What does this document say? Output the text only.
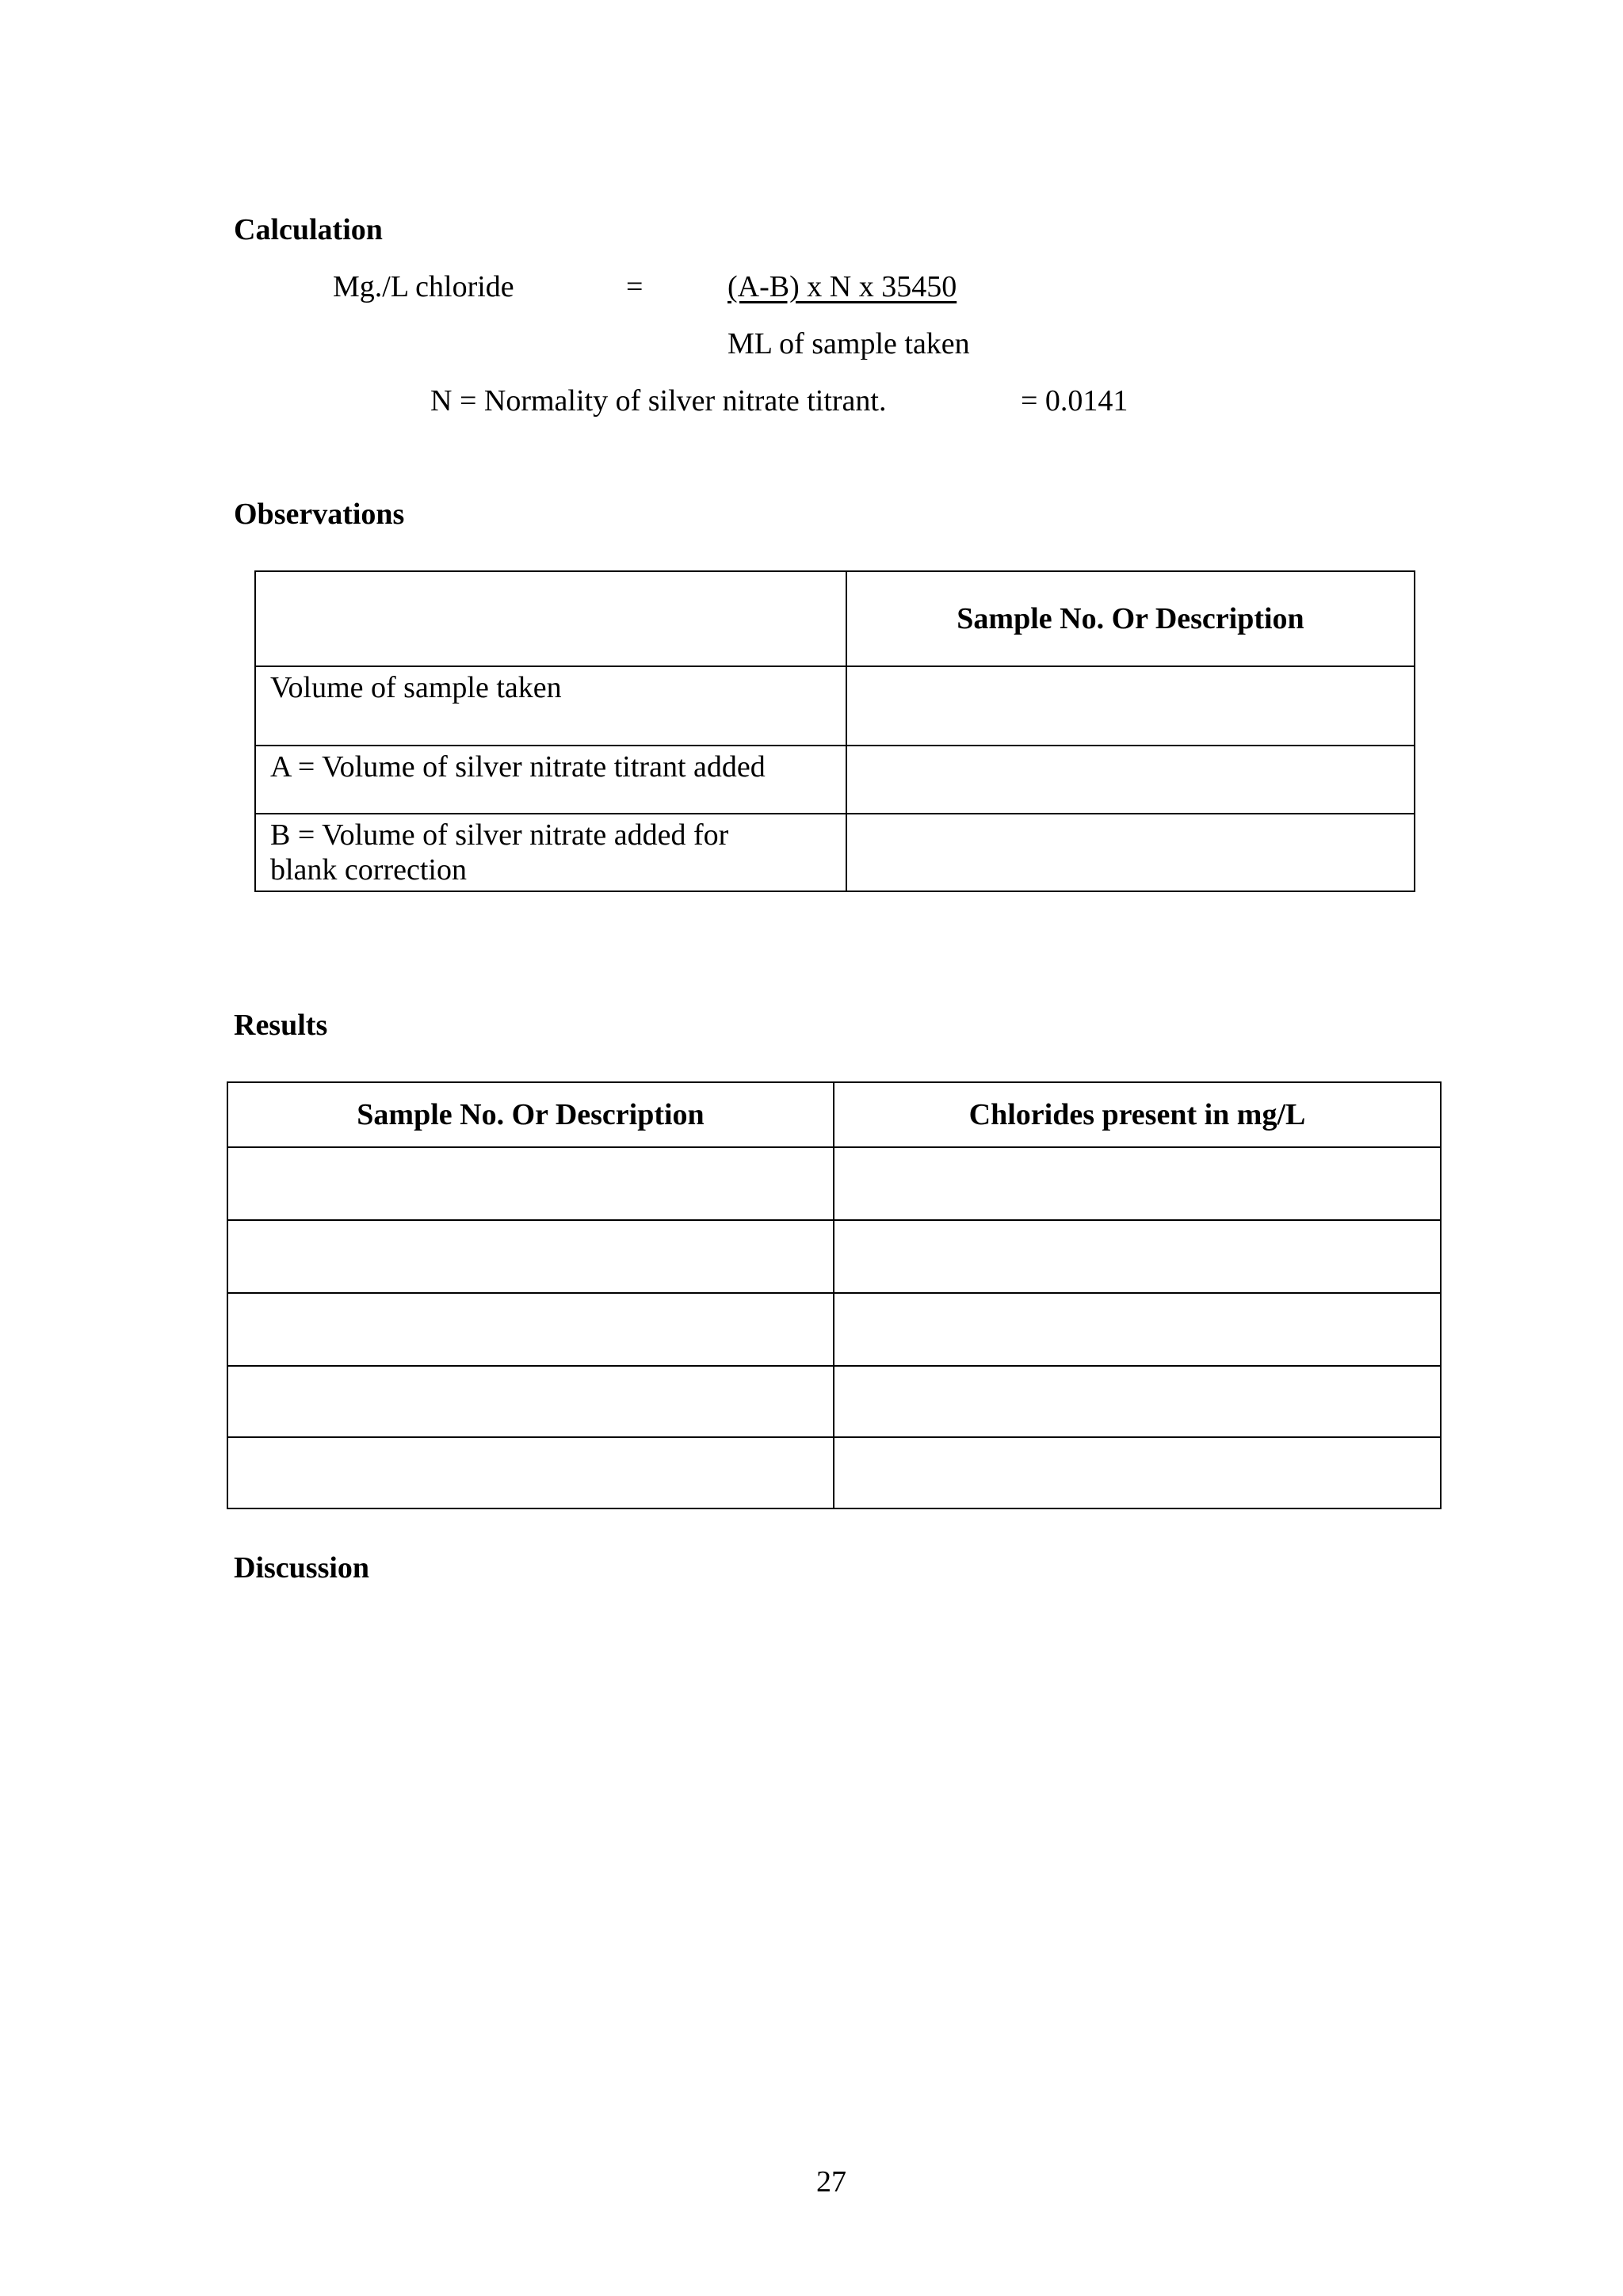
Calculation
Mg./L chloride	=	(A-B) x N x 35450
ML of sample taken
N = Normality of silver nitrate titrant.	= 0.0141
Observations
	Sample No. Or Description

Volume of sample taken	

A = Volume of silver nitrate titrant added	

B = Volume of silver nitrate added for blank correction	

Results
Sample No. Or Description	Chlorides present in mg/L

Discussion
27
